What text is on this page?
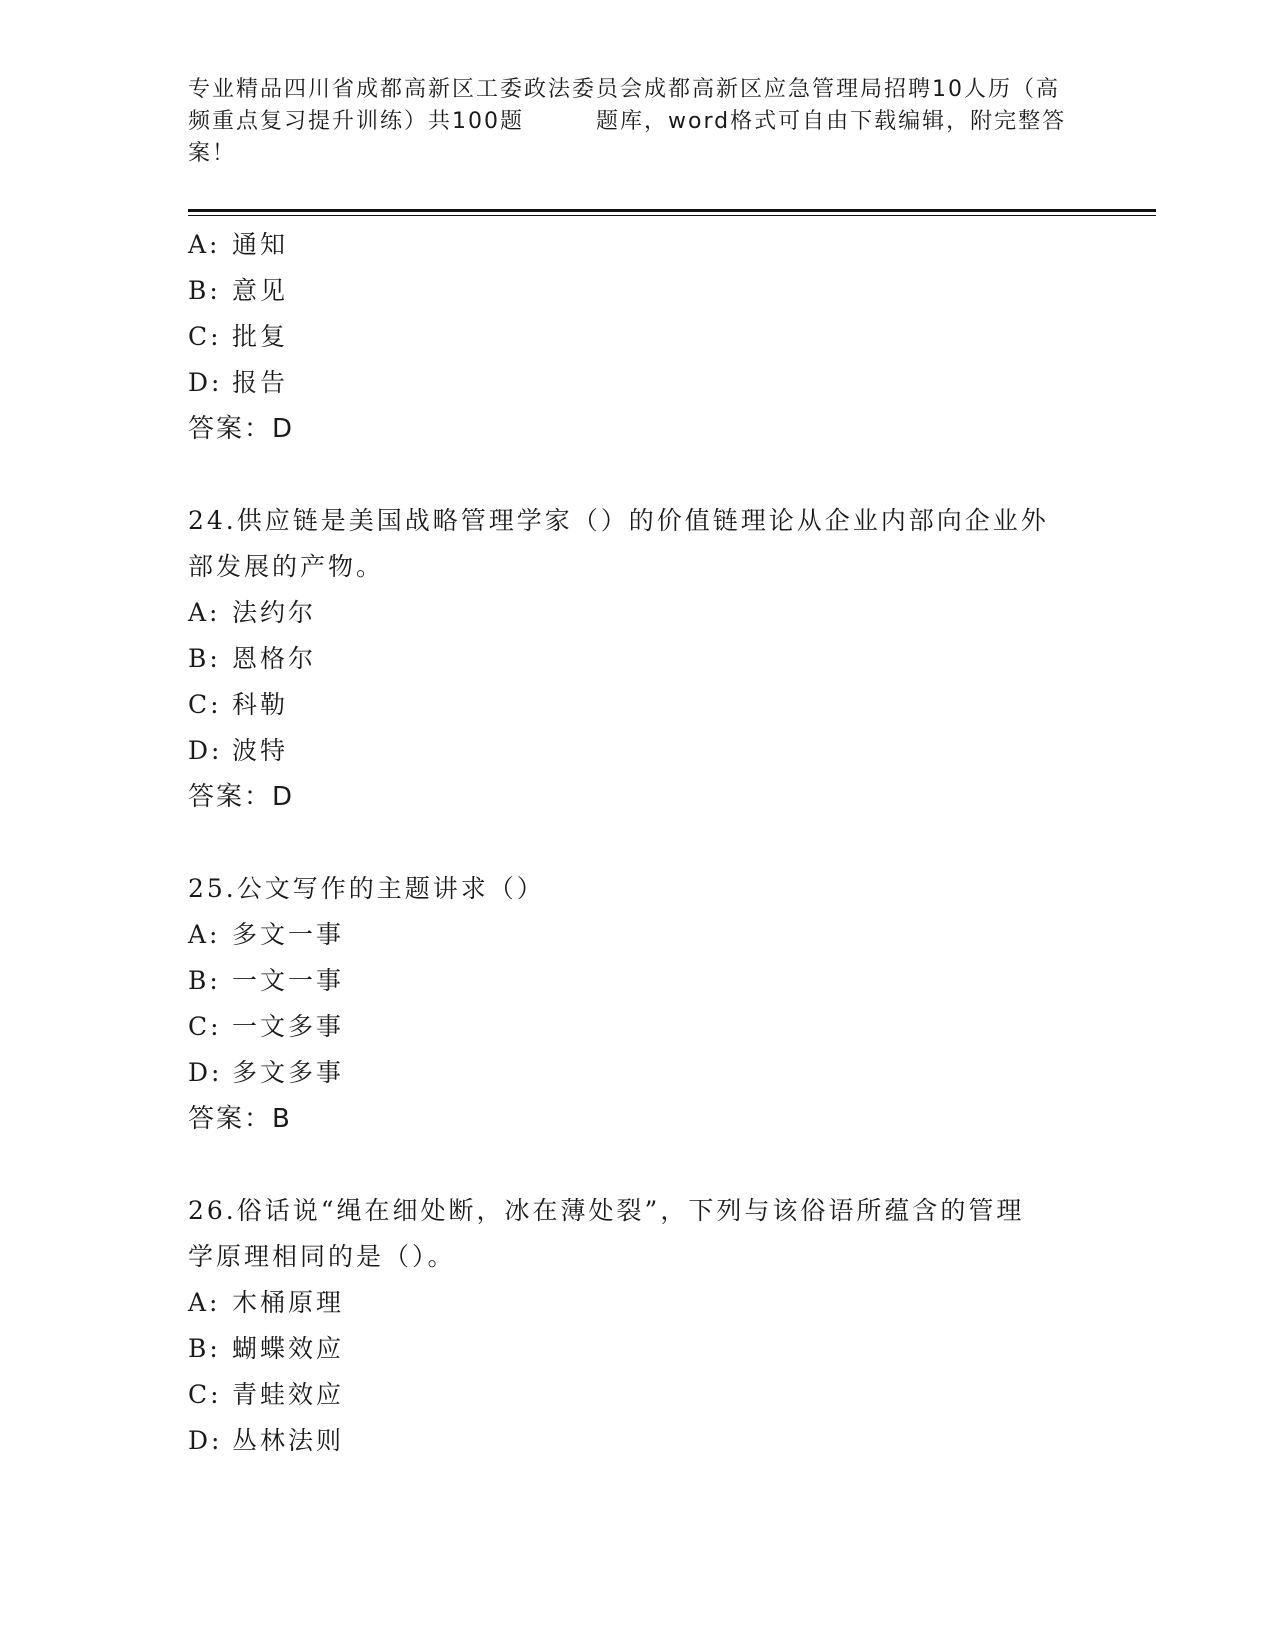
专业精品四川省成都高新区工委政法委员会成都高新区应急管理局招聘10人历（高频重点复习提升训练）共100题	题库，word格式可自由下载编辑，附完整答案！
A: 通知
B: 意见
C: 批复
D: 报告
答案：D
24.供应链是美国战略管理学家（）的价值链理论从企业内部向企业外
部发展的产物。
A: 法约尔
B: 恩格尔
C: 科勒
D: 波特
答案：D
25.公文写作的主题讲求（）
A: 多文一事
B: 一文一事
C: 一文多事
D: 多文多事
答案：B
26.俗话说“绳在细处断，冰在薄处裂”，下列与该俗语所蕴含的管理
学原理相同的是（）。
A: 木桶原理
B: 蝴蝶效应
C: 青蛙效应
D: 丛林法则
